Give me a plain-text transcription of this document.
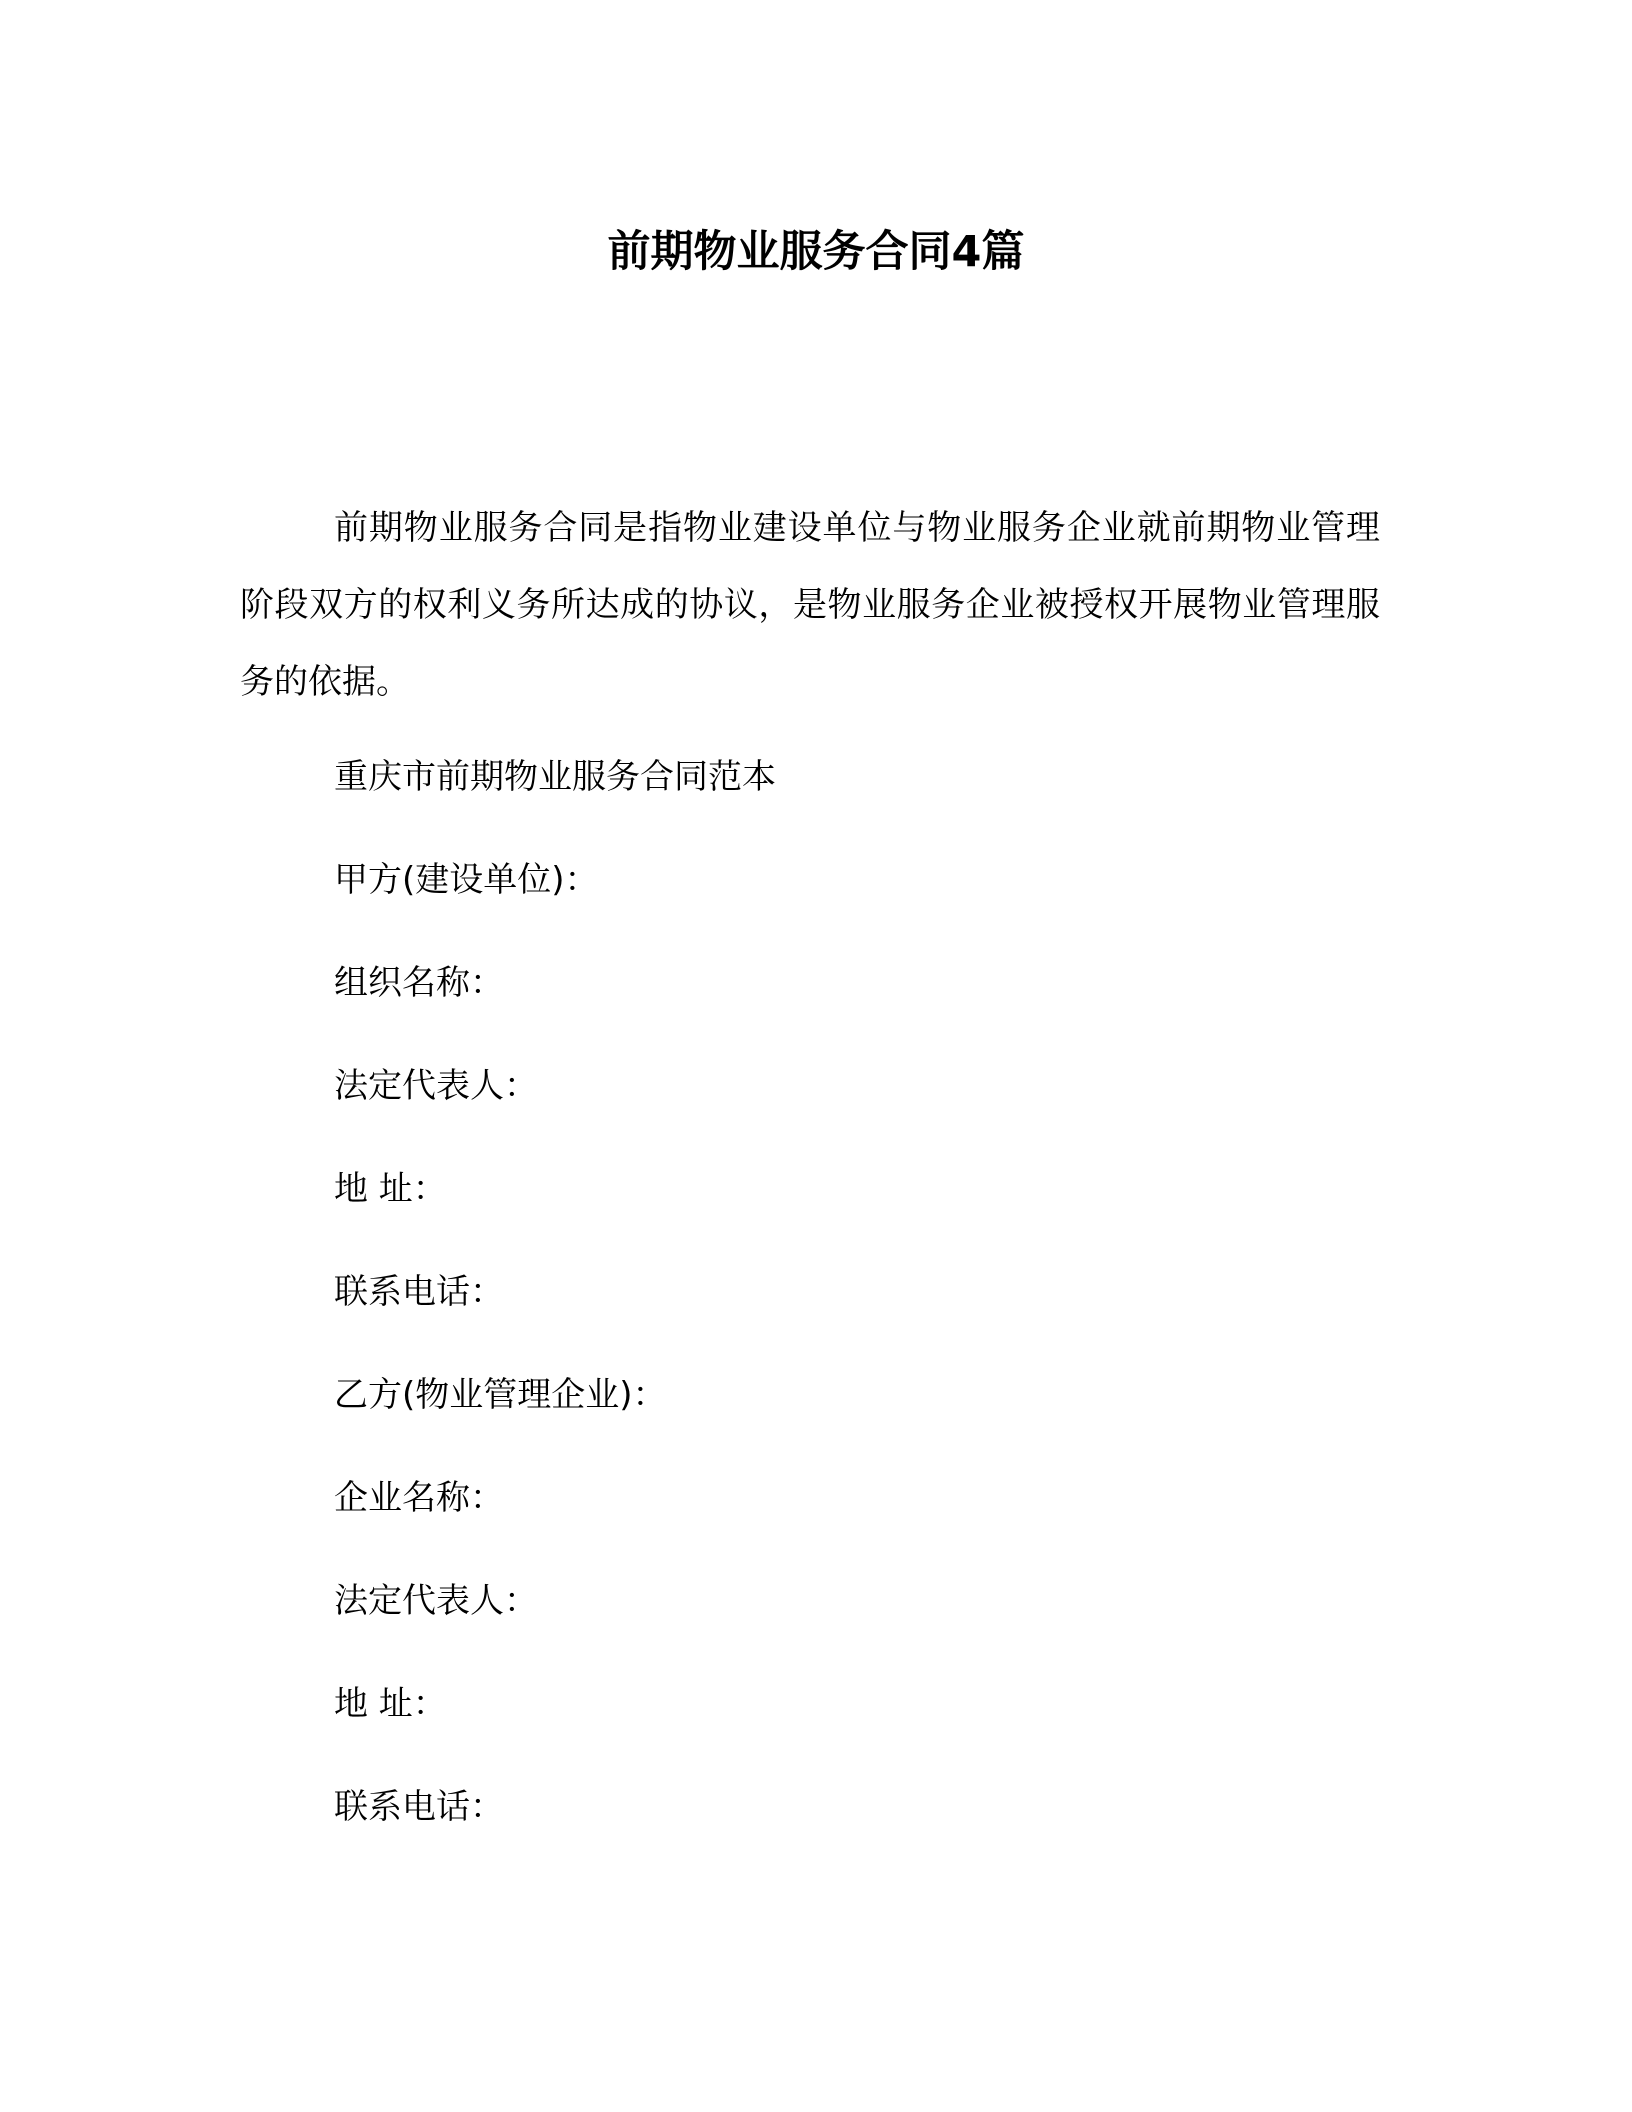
前期物业服务合同4篇

前期物业服务合同是指物业建设单位与物业服务企业就前期物业管理阶段双方的权利义务所达成的协议，是物业服务企业被授权开展物业管理服务的依据。

重庆市前期物业服务合同范本

甲方(建设单位)：

组织名称：

法定代表人：

地 址：

联系电话：

乙方(物业管理企业)：

企业名称：

法定代表人：

地 址：

联系电话：
